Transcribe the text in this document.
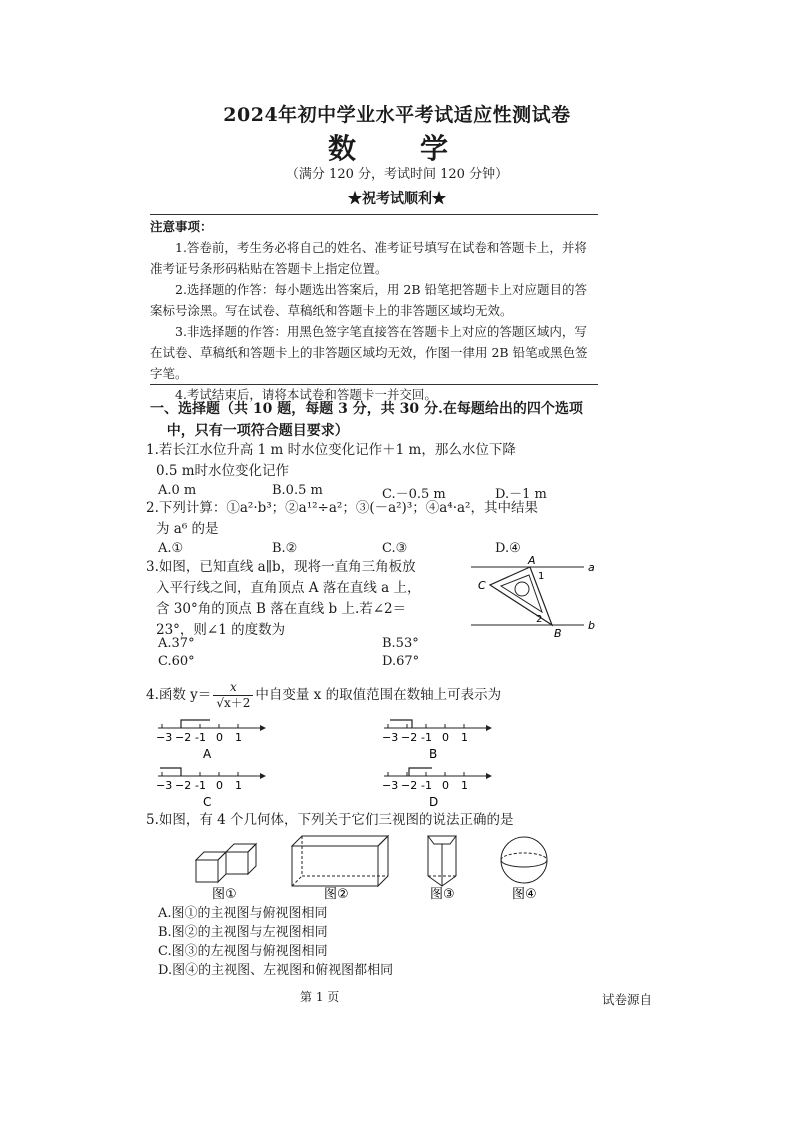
2024年初中学业水平考试适应性测试卷
数　学
（满分 120 分，考试时间 120 分钟）
★祝考试顺利★
注意事项：

1.答卷前，考生务必将自己的姓名、准考证号填写在试卷和答题卡上，并将准考证号条形码粘贴在答题卡上指定位置。

2.选择题的作答：每小题选出答案后，用 2B 铅笔把答题卡上对应题目的答案标号涂黑。写在试卷、草稿纸和答题卡上的非答题区域均无效。

3.非选择题的作答：用黑色签字笔直接答在答题卡上对应的答题区域内，写在试卷、草稿纸和答题卡上的非答题区域均无效，作图一律用 2B 铅笔或黑色签字笔。

4.考试结束后，请将本试卷和答题卡一并交回。

一、选择题（共 10 题，每题 3 分，共 30 分.在每题给出的四个选项
中，只有一项符合题目要求）
1.若长江水位升高 1 m 时水位变化记作＋1 m，那么水位下降
0.5 m时水位变化记作
A.0 m	B.0.5 m	C.－0.5 m	D.－1 m
2.下列计算：①a²·b³；②a¹²÷a²；③(－a²)³；④a⁴·a²，其中结果
为 a⁶ 的是
A.①	B.②	C.③	D.④
3.如图，已知直线 a∥b，现将一直角三角板放
入平行线之间，直角顶点 A 落在直线 a 上，
含 30°角的顶点 B 落在直线 b 上.若∠2＝
23°，则∠1 的度数为
A.37°	B.53°
C.60°	D.67°
A
1
C
a
2
B
b
4.函数 $y= \frac{x}{√x+2}$ 中自变量 x 的取值范围在数轴上可表示为
−3 −2 -1 0 1
A
−3 −2 -1 0 1
B
−3 −2 -1 0 1
C
−3 −2 -1 0 1
D
5.如图，有 4 个几何体，下列关于它们三视图的说法正确的是
图①	图②	图③	图④
A.图①的主视图与俯视图相同
B.图②的主视图与左视图相同
C.图③的左视图与俯视图相同
D.图④的主视图、左视图和俯视图都相同
第 1 页	试卷源自
